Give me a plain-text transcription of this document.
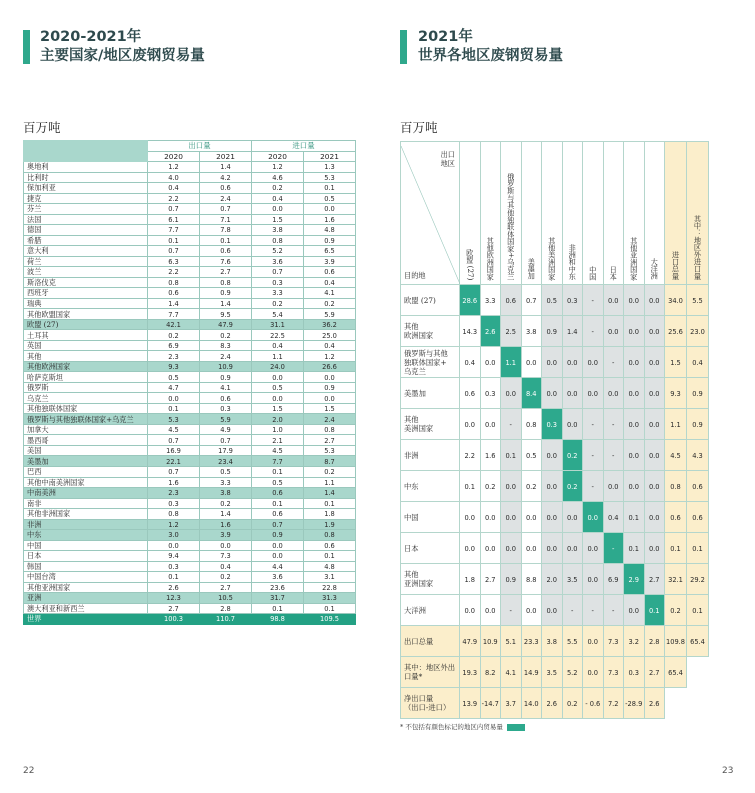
2020-2021年
主要国家/地区废钢贸易量
百万吨
	出口量		进口量	
	2020	2021	2020	2021
奥地利	1.2	1.4	1.2	1.3
比利时	4.0	4.2	4.6	5.3
保加利亚	0.4	0.6	0.2	0.1
捷克	2.2	2.4	0.4	0.5
芬兰	0.7	0.7	0.0	0.0
法国	6.1	7.1	1.5	1.6
德国	7.7	7.8	3.8	4.8
希腊	0.1	0.1	0.8	0.9
意大利	0.7	0.6	5.2	6.5
荷兰	6.3	7.6	3.6	3.9
波兰	2.2	2.7	0.7	0.6
斯洛伐克	0.8	0.8	0.3	0.4
西班牙	0.6	0.9	3.3	4.1
瑞典	1.4	1.4	0.2	0.2
其他欧盟国家	7.7	9.5	5.4	5.9
欧盟 (27)	42.1	47.9	31.1	36.2
土耳其	0.2	0.2	22.5	25.0
英国	6.9	8.3	0.4	0.4
其他	2.3	2.4	1.1	1.2
其他欧洲国家	9.3	10.9	24.0	26.6
哈萨克斯坦	0.5	0.9	0.0	0.0
俄罗斯	4.7	4.1	0.5	0.9
乌克兰	0.0	0.6	0.0	0.0
其他独联体国家	0.1	0.3	1.5	1.5
俄罗斯与其他独联体国家+乌克兰	5.3	5.9	2.0	2.4
加拿大	4.5	4.9	1.0	0.8
墨西哥	0.7	0.7	2.1	2.7
美国	16.9	17.9	4.5	5.3
美墨加	22.1	23.4	7.7	8.7
巴西	0.7	0.5	0.1	0.2
其他中南美洲国家	1.6	3.3	0.5	1.1
中南美洲	2.3	3.8	0.6	1.4
南非	0.3	0.2	0.1	0.1
其他非洲国家	0.8	1.4	0.6	1.8
非洲	1.2	1.6	0.7	1.9
中东	3.0	3.9	0.9	0.8
中国	0.0	0.0	0.0	0.6
日本	9.4	7.3	0.0	0.1
韩国	0.3	0.4	4.4	4.8
中国台湾	0.1	0.2	3.6	3.1
其他亚洲国家	2.6	2.7	23.6	22.8
亚洲	12.3	10.5	31.7	31.3
澳大利亚和新西兰	2.7	2.8	0.1	0.1
世界	100.3	110.7	98.8	109.5
22
2021年
世界各地区废钢贸易量
百万吨
出口
地区
目的地	欧盟 (27)	其他欧洲国家	俄罗斯与其他独联体国家+乌克兰	美墨加	其他美洲国家	非洲和中东	中国	日本	其他亚洲国家	大洋洲	进口总量	其中：地区外进口量

欧盟 (27)	28.6	3.3	0.6	0.7	0.5	0.3	-	0.0	0.0	0.0	34.0	5.5
其他
欧洲国家	14.3	2.6	2.5	3.8	0.9	1.4	-	0.0	0.0	0.0	25.6	23.0
俄罗斯与其他
独联体国家+
乌克兰	0.4	0.0	1.1	0.0	0.0	0.0	0.0	-	0.0	0.0	1.5	0.4
美墨加	0.6	0.3	0.0	8.4	0.0	0.0	0.0	0.0	0.0	0.0	9.3	0.9
其他
美洲国家	0.0	0.0	-	0.8	0.3	0.0	-	-	0.0	0.0	1.1	0.9
非洲	2.2	1.6	0.1	0.5	0.0	0.2	-	-	0.0	0.0	4.5	4.3
中东	0.1	0.2	0.0	0.2	0.0	0.2	-	0.0	0.0	0.0	0.8	0.6
中国	0.0	0.0	0.0	0.0	0.0	0.0	0.0	0.4	0.1	0.0	0.6	0.6
日本	0.0	0.0	0.0	0.0	0.0	0.0	0.0	-	0.1	0.0	0.1	0.1
其他
亚洲国家	1.8	2.7	0.9	8.8	2.0	3.5	0.0	6.9	2.9	2.7	32.1	29.2
大洋洲	0.0	0.0	-	0.0	0.0	-	-	-	0.0	0.1	0.2	0.1
出口总量	47.9	10.9	5.1	23.3	3.8	5.5	0.0	7.3	3.2	2.8	109.8	65.4
其中：地区外出
口量*	19.3	8.2	4.1	14.9	3.5	5.2	0.0	7.3	0.3	2.7	65.4	
净出口量
（出口-进口）	13.9	-14.7	3.7	14.0	2.6	0.2	- 0.6	7.2	-28.9	2.6		
* 不包括有颜色标记的地区内贸易量
23
